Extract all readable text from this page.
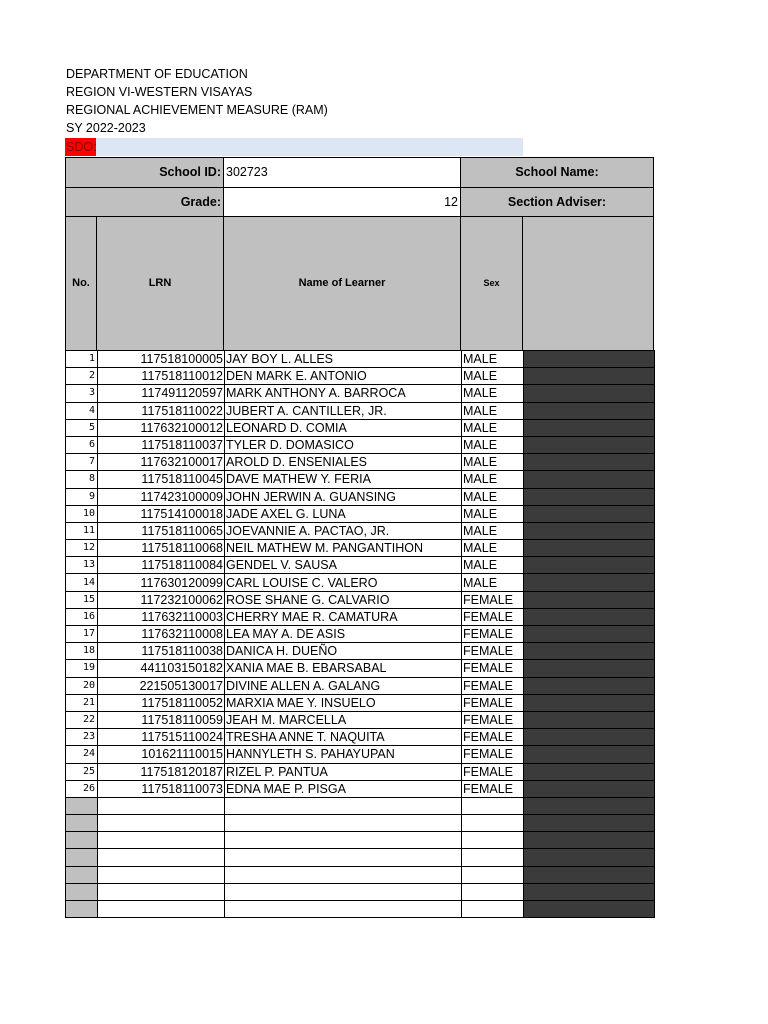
DEPARTMENT OF EDUCATION
REGION VI-WESTERN VISAYAS
REGIONAL ACHIEVEMENT MEASURE (RAM)
SY 2022-2023
SDO:
School ID: 302723	School Name:
Grade:	12	Section Adviser:
No.	LRN	Name of Learner	Sex
1	117518100005	JAY BOY L. ALLES	MALE	
2	117518110012	DEN MARK E. ANTONIO	MALE	
3	117491120597	MARK ANTHONY A. BARROCA	MALE	
4	117518110022	JUBERT A. CANTILLER, JR.	MALE	
5	117632100012	LEONARD D. COMIA	MALE	
6	117518110037	TYLER D. DOMASICO	MALE	
7	117632100017	AROLD D. ENSENIALES	MALE	
8	117518110045	DAVE MATHEW Y. FERIA	MALE	
9	117423100009	JOHN JERWIN A. GUANSING	MALE	
10	117514100018	JADE AXEL G. LUNA	MALE	
11	117518110065	JOEVANNIE A. PACTAO, JR.	MALE	
12	117518110068	NEIL MATHEW M. PANGANTIHON	MALE	
13	117518110084	GENDEL V. SAUSA	MALE	
14	117630120099	CARL LOUISE C. VALERO	MALE	
15	117232100062	ROSE SHANE G. CALVARIO	FEMALE	
16	117632110003	CHERRY MAE R. CAMATURA	FEMALE	
17	117632110008	LEA MAY A. DE ASIS	FEMALE	
18	117518110038	DANICA H. DUEÑO	FEMALE	
19	441103150182	XANIA MAE B. EBARSABAL	FEMALE	
20	221505130017	DIVINE ALLEN A. GALANG	FEMALE	
21	117518110052	MARXIA MAE Y. INSUELO	FEMALE	
22	117518110059	JEAH M. MARCELLA	FEMALE	
23	117515110024	TRESHA ANNE T. NAQUITA	FEMALE	
24	101621110015	HANNYLETH S. PAHAYUPAN	FEMALE	
25	117518120187	RIZEL P. PANTUA	FEMALE	
26	117518110073	EDNA MAE P. PISGA	FEMALE	
